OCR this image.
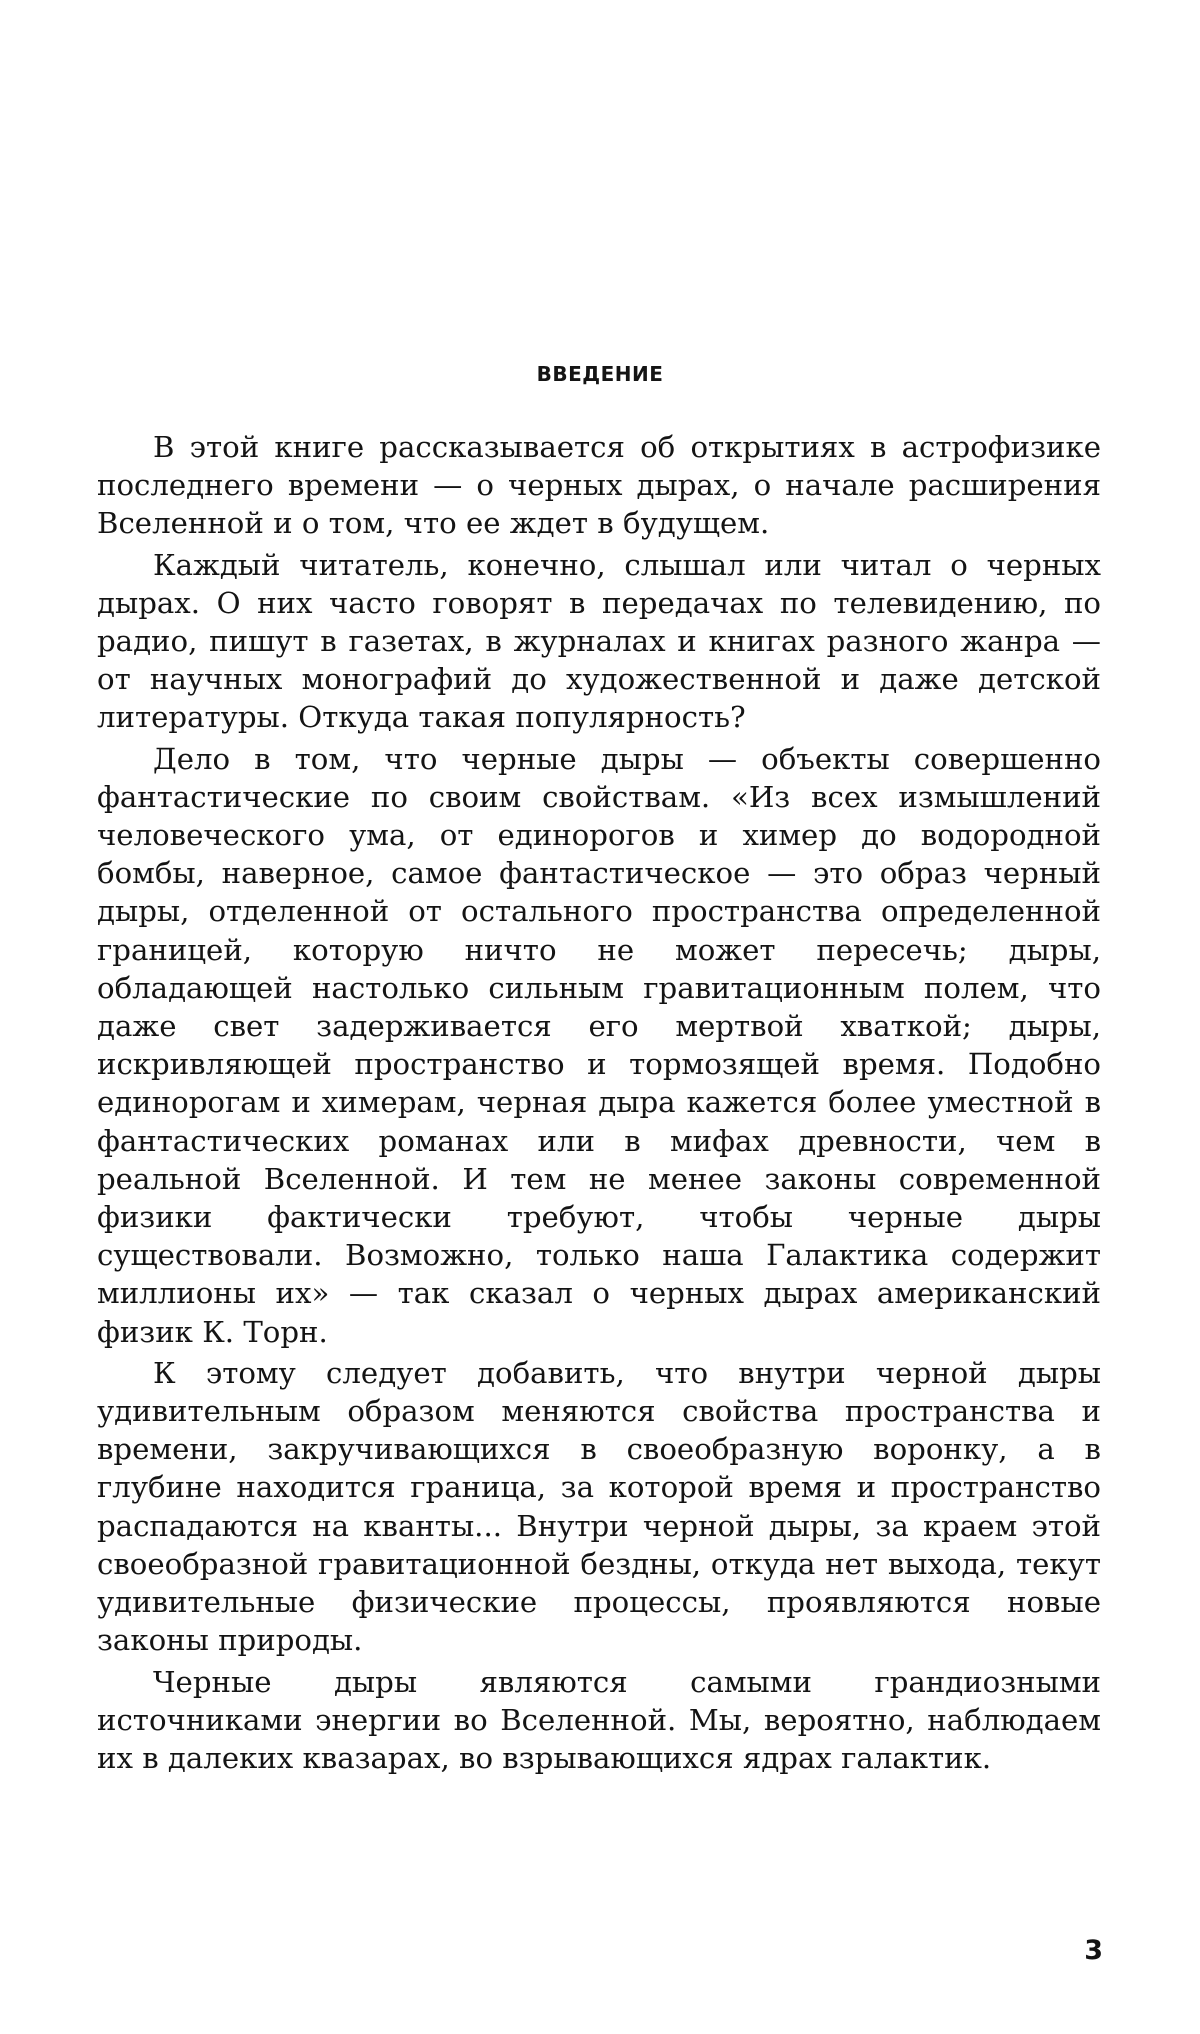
ВВЕДЕНИЕ

В этой книге рассказывается об открытиях в астрофизике последнего времени — о черных дырах, о начале расширения Вселенной и о том, что ее ждет в будущем.

Каждый читатель, конечно, слышал или читал о черных дырах. О них часто говорят в передачах по телевидению, по радио, пишут в газетах, в журналах и книгах разного жанра — от научных монографий до художественной и даже детской литературы. Откуда такая популярность?

Дело в том, что черные дыры — объекты совершенно фантастические по своим свойствам. «Из всех измышлений человеческого ума, от единорогов и химер до водородной бомбы, наверное, самое фантастическое — это образ черный дыры, отделенной от остального пространства определенной границей, которую ничто не может пересечь; дыры, обладающей настолько сильным гравитационным полем, что даже свет задерживается его мертвой хваткой; дыры, искривляющей пространство и тормозящей время. Подобно единорогам и химерам, черная дыра кажется более уместной в фантастических романах или в мифах древности, чем в реальной Вселенной. И тем не менее законы современной физики фактически требуют, чтобы черные дыры существовали. Возможно, только наша Галактика содержит миллионы их» — так сказал о черных дырах американский физик К. Торн.

К этому следует добавить, что внутри черной дыры удивительным образом меняются свойства пространства и времени, закручивающихся в своеобразную воронку, а в глубине находится граница, за которой время и пространство распадаются на кванты... Внутри черной дыры, за краем этой своеобразной гравитационной бездны, откуда нет выхода, текут удивительные физические процессы, проявляются новые законы природы.

Черные дыры являются самыми грандиозными источниками энергии во Вселенной. Мы, вероятно, наблюдаем их в далеких квазарах, во взрывающихся ядрах галактик.

3
